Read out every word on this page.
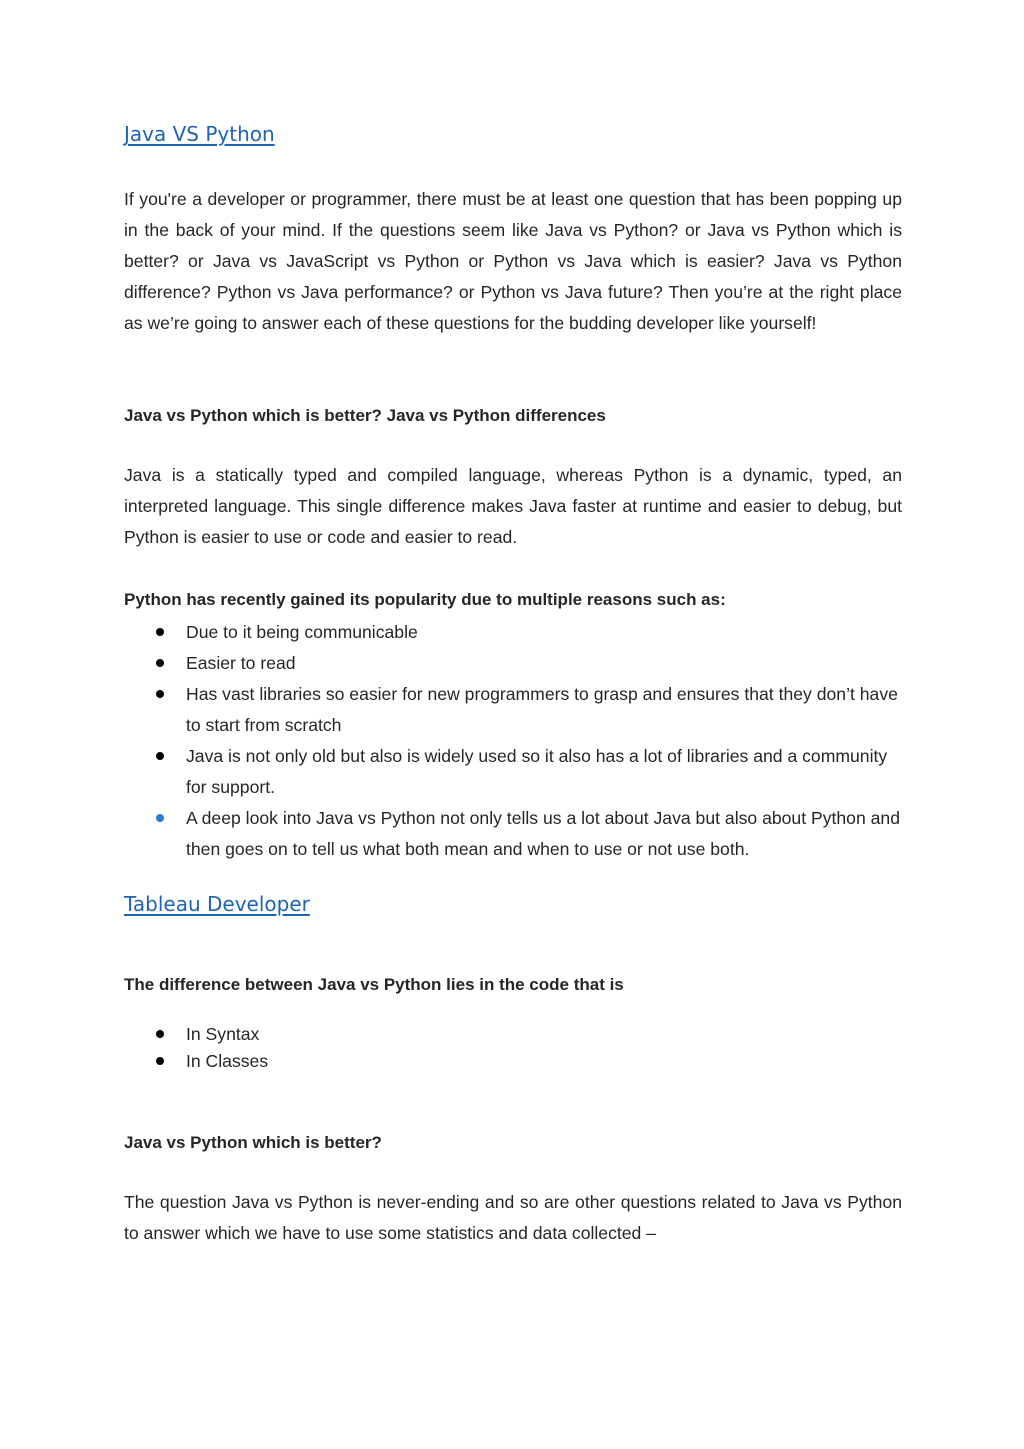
Java VS Python

If you're a developer or programmer, there must be at least one question that has been popping up in the back of your mind. If the questions seem like Java vs Python? or Java vs Python which is better? or Java vs JavaScript vs Python or Python vs Java which is easier? Java vs Python difference? Python vs Java performance? or Python vs Java future? Then you’re at the right place as we’re going to answer each of these questions for the budding developer like yourself!

Java vs Python which is better? Java vs Python differences

Java is a statically typed and compiled language, whereas Python is a dynamic, typed, an interpreted language. This single difference makes Java faster at runtime and easier to debug, but Python is easier to use or code and easier to read.

Python has recently gained its popularity due to multiple reasons such as:

Due to it being communicable
Easier to read
Has vast libraries so easier for new programmers to grasp and ensures that they don’t have to start from scratch
Java is not only old but also is widely used so it also has a lot of libraries and a community for support.
A deep look into Java vs Python not only tells us a lot about Java but also about Python and then goes on to tell us what both mean and when to use or not use both.
Tableau Developer

The difference between Java vs Python lies in the code that is

In Syntax
In Classes

Java vs Python which is better?

The question Java vs Python is never-ending and so are other questions related to Java vs Python to answer which we have to use some statistics and data collected –
